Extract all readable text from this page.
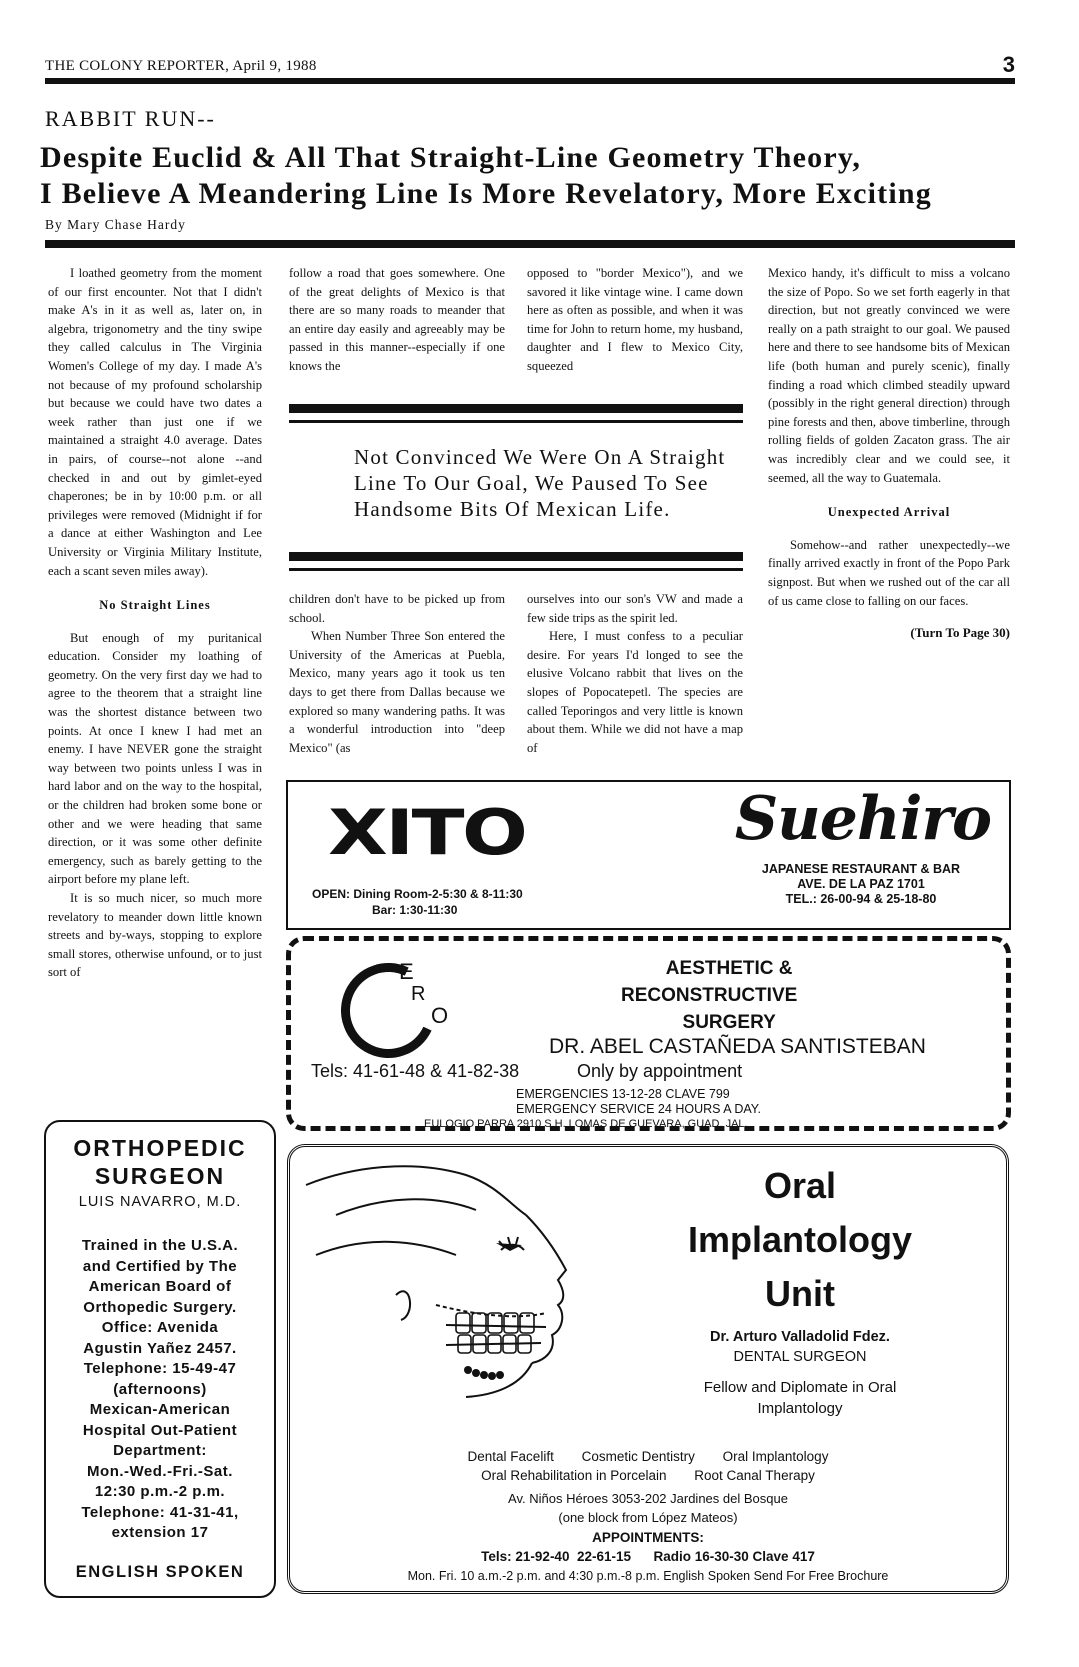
THE COLONY REPORTER, April 9, 1988	3
RABBIT RUN--
Despite Euclid & All That Straight-Line Geometry Theory,
I Believe A Meandering Line Is More Revelatory, More Exciting
By Mary Chase Hardy

I loathed geometry from the moment of our first encounter. Not that I didn't make A's in it as well as, later on, in algebra, trigonometry and the tiny swipe they called calculus in The Virginia Women's College of my day. I made A's not because of my profound scholarship but because we could have two dates a week rather than just one if we maintained a straight 4.0 average. Dates in pairs, of course--not alone --and checked in and out by gimlet-eyed chaperones; be in by 10:00 p.m. or all privileges were removed (Midnight if for a dance at either Washington and Lee University or Virginia Military Institute, each a scant seven miles away).

No Straight Lines

But enough of my puritanical education. Consider my loathing of geometry. On the very first day we had to agree to the theorem that a straight line was the shortest distance between two points. At once I knew I had met an enemy. I have NEVER gone the straight way between two points unless I was in hard labor and on the way to the hospital, or the children had broken some bone or other and we were heading that same direction, or it was some other definite emergency, such as barely getting to the airport before my plane left.

It is so much nicer, so much more revelatory to meander down little known streets and by-ways, stopping to explore small stores, otherwise unfound, or to just sort of

follow a road that goes somewhere. One of the great delights of Mexico is that there are so many roads to meander that an entire day easily and agreeably may be passed in this manner--especially if one knows the

opposed to "border Mexico"), and we savored it like vintage wine. I came down here as often as possible, and when it was time for John to return home, my husband, daughter and I flew to Mexico City, squeezed

Not Convinced We Were On A Straight Line To Our Goal, We Paused To See Handsome Bits Of Mexican Life.

children don't have to be picked up from school.

When Number Three Son entered the University of the Americas at Puebla, Mexico, many years ago it took us ten days to get there from Dallas because we explored so many wandering paths. It was a wonderful introduction into "deep Mexico" (as

ourselves into our son's VW and made a few side trips as the spirit led.

Here, I must confess to a peculiar desire. For years I'd longed to see the elusive Volcano rabbit that lives on the slopes of Popocatepetl. The species are called Teporingos and very little is known about them. While we did not have a map of

Mexico handy, it's difficult to miss a volcano the size of Popo. So we set forth eagerly in that direction, but not greatly convinced we were really on a path straight to our goal. We paused here and there to see handsome bits of Mexican life (both human and purely scenic), finally finding a road which climbed steadily upward (possibly in the right general direction) through pine forests and then, above timberline, through rolling fields of golden Zacaton grass. The air was incredibly clear and we could see, it seemed, all the way to Guatemala.

Unexpected Arrival

Somehow--and rather unexpectedly--we finally arrived exactly in front of the Popo Park signpost. But when we rushed out of the car all of us came close to falling on our faces.

(Turn To Page 30)

XITO
OPEN: Dining Room-2-5:30 & 8-11:30
Bar: 1:30-11:30
Suehiro
JAPANESE RESTAURANT & BAR
AVE. DE LA PAZ 1701
TEL.: 26-00-94 & 25-18-80
E
R
O
AESTHETIC &
RECONSTRUCTIVE
SURGERY
DR. ABEL CASTAÑEDA SANTISTEBAN
Tels: 41-61-48 & 41-82-38	Only by appointment
EMERGENCIES 13-12-28 CLAVE 799
EMERGENCY SERVICE 24 HOURS A DAY.
EULOGIO PARRA 2910 S.H. LOMAS DE GUEVARA, GUAD. JAL.
ORTHOPEDIC
SURGEON
LUIS NAVARRO, M.D.
Trained in the U.S.A.
and Certified by The
American Board of
Orthopedic Surgery.
Office: Avenida
Agustin Yañez 2457.
Telephone: 15-49-47
(afternoons)
Mexican-American
Hospital Out-Patient
Department:
Mon.-Wed.-Fri.-Sat.
12:30 p.m.-2 p.m.
Telephone: 41-31-41,
extension 17
ENGLISH SPOKEN
Oral
Implantology
Unit
Dr. Arturo Valladolid Fdez.
DENTAL SURGEON
Fellow and Diplomate in Oral
Implantology
Dental Facelift Cosmetic Dentistry Oral Implantology
Oral Rehabilitation in Porcelain Root Canal Therapy
Av. Niños Héroes 3053-202 Jardines del Bosque
(one block from López Mateos)
APPOINTMENTS:
Tels: 21-92-40  22-61-15      Radio 16-30-30 Clave 417
Mon. Fri. 10 a.m.-2 p.m. and 4:30 p.m.-8 p.m. English Spoken Send For Free Brochure
